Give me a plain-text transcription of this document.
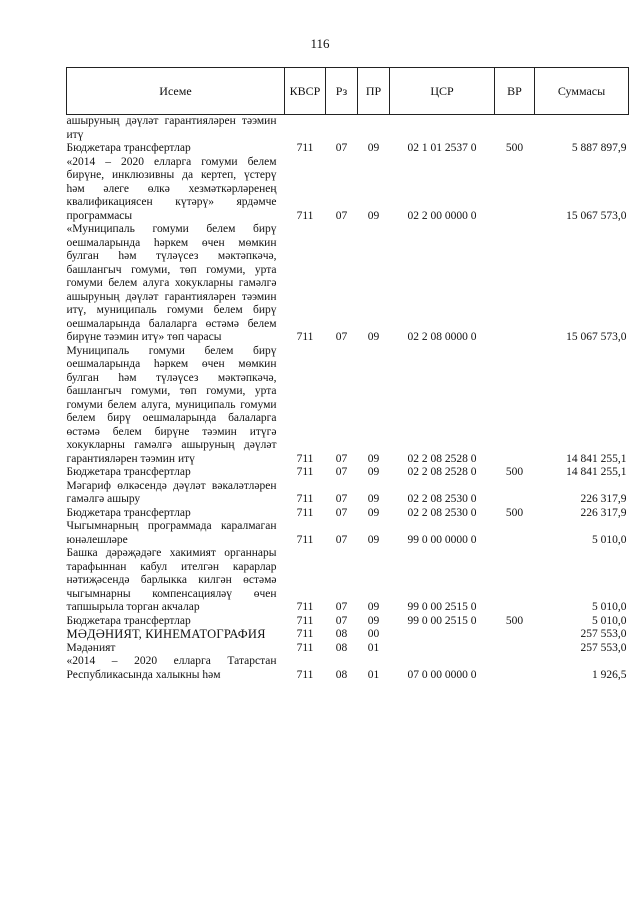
116
Исеме	КВСР	Рз	ПР	ЦСР	ВР	Суммасы
ашыруның дәүләт гарантияләрен тәэмин итү						
Бюджетара трансфертлар	711	07	09	02 1 01 2537 0	500	5 887 897,9
«2014 – 2020 елларга гомуми белем бирүне, инклюзивны да кертеп, үстерү һәм әлеге өлкә хезмәткәрләренең квалификациясен күтәрү» ярдәмче программасы	711	07	09	02 2 00 0000 0		15 067 573,0
«Муниципаль гомуми белем бирү оешмаларында һәркем өчен мөмкин булган һәм түләүсез мәктәпкәчә, башлангыч гомуми, төп гомуми, урта гомуми белем алуга хокукларны гамәлгә ашыруның дәүләт гарантияләрен тәэмин итү, муниципаль гомуми белем бирү оешмаларында балаларга өстәмә белем бирүне тәэмин итү» төп чарасы	711	07	09	02 2 08 0000 0		15 067 573,0
Муниципаль гомуми белем бирү оешмаларында һәркем өчен мөмкин булган һәм түләүсез мәктәпкәчә, башлангыч гомуми, төп гомуми, урта гомуми белем алуга, муниципаль гомуми белем бирү оешмаларында балаларга өстәмә белем бирүне тәэмин итүгә хокукларны гамәлгә ашыруның дәүләт гарантияләрен тәэмин итү	711	07	09	02 2 08 2528 0		14 841 255,1
Бюджетара трансфертлар	711	07	09	02 2 08 2528 0	500	14 841 255,1
Мәгариф өлкәсендә дәүләт вәкаләтләрен гамәлгә ашыру	711	07	09	02 2 08 2530 0		226 317,9
Бюджетара трансфертлар	711	07	09	02 2 08 2530 0	500	226 317,9
Чыгымнарның программада каралмаган юнәлешләре	711	07	09	99 0 00 0000 0		5 010,0
Башка дәрәҗәдәге хакимият органнары тарафыннан кабул ителгән карарлар нәтиҗәсендә барлыкка килгән өстәмә чыгымнарны компенсацияләү өчен тапшырыла торган акчалар	711	07	09	99 0 00 2515 0		5 010,0
Бюджетара трансфертлар	711	07	09	99 0 00 2515 0	500	5 010,0
МӘДӘНИЯТ, КИНЕМАТОГРАФИЯ	711	08	00			257 553,0
Мәдәният	711	08	01			257 553,0
«2014 – 2020 елларга Татарстан Республикасында халыкны һәм	711	08	01	07 0 00 0000 0		1 926,5
